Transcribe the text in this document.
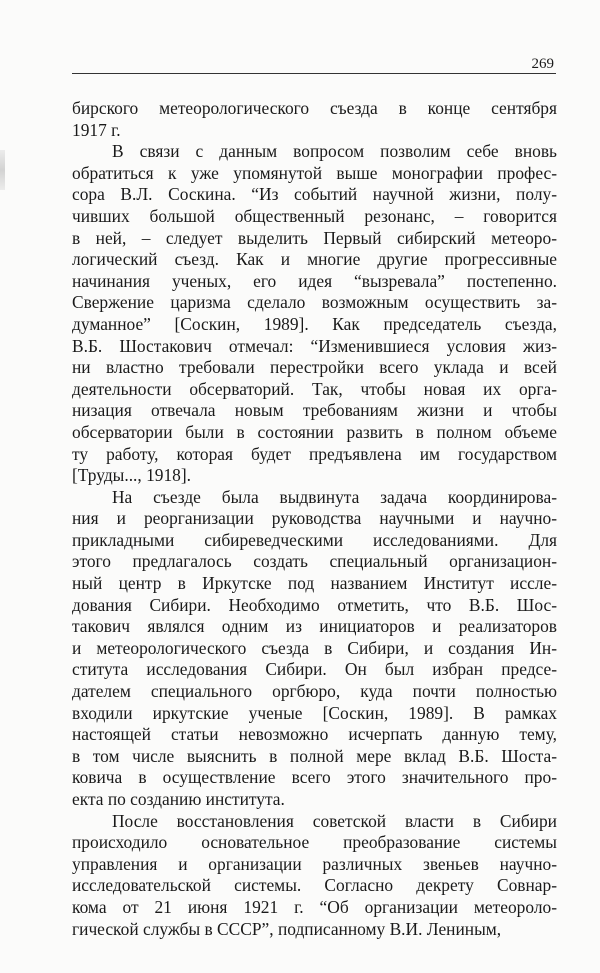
269
бирского метеорологического съезда в конце сентября
1917 г.
В связи с данным вопросом позволим себе вновь
обратиться к уже упомянутой выше монографии профес-
сора В.Л. Соскина. “Из событий научной жизни, полу-
чивших большой общественный резонанс, – говорится
в ней, – следует выделить Первый сибирский метеоро-
логический съезд. Как и многие другие прогрессивные
начинания ученых, его идея “вызревала” постепенно.
Свержение царизма сделало возможным осуществить за-
думанное” [Соскин, 1989]. Как председатель съезда,
В.Б. Шостакович отмечал: “Изменившиеся условия жиз-
ни властно требовали перестройки всего уклада и всей
деятельности обсерваторий. Так, чтобы новая их орга-
низация отвечала новым требованиям жизни и чтобы
обсерватории были в состоянии развить в полном объеме
ту работу, которая будет предъявлена им государством
[Труды..., 1918].
На съезде была выдвинута задача координирова-
ния и реорганизации руководства научными и научно-
прикладными сибиреведческими исследованиями. Для
этого предлагалось создать специальный организацион-
ный центр в Иркутске под названием Институт иссле-
дования Сибири. Необходимо отметить, что В.Б. Шос-
такович являлся одним из инициаторов и реализаторов
и метеорологического съезда в Сибири, и создания Ин-
ститута исследования Сибири. Он был избран предсе-
дателем специального оргбюро, куда почти полностью
входили иркутские ученые [Соскин, 1989]. В рамках
настоящей статьи невозможно исчерпать данную тему,
в том числе выяснить в полной мере вклад В.Б. Шоста-
ковича в осуществление всего этого значительного про-
екта по созданию института.
После восстановления советской власти в Сибири
происходило основательное преобразование системы
управления и организации различных звеньев научно-
исследовательской системы. Согласно декрету Совнар-
кома от 21 июня 1921 г. “Об организации метеороло-
гической службы в СССР”, подписанному В.И. Лениным,
